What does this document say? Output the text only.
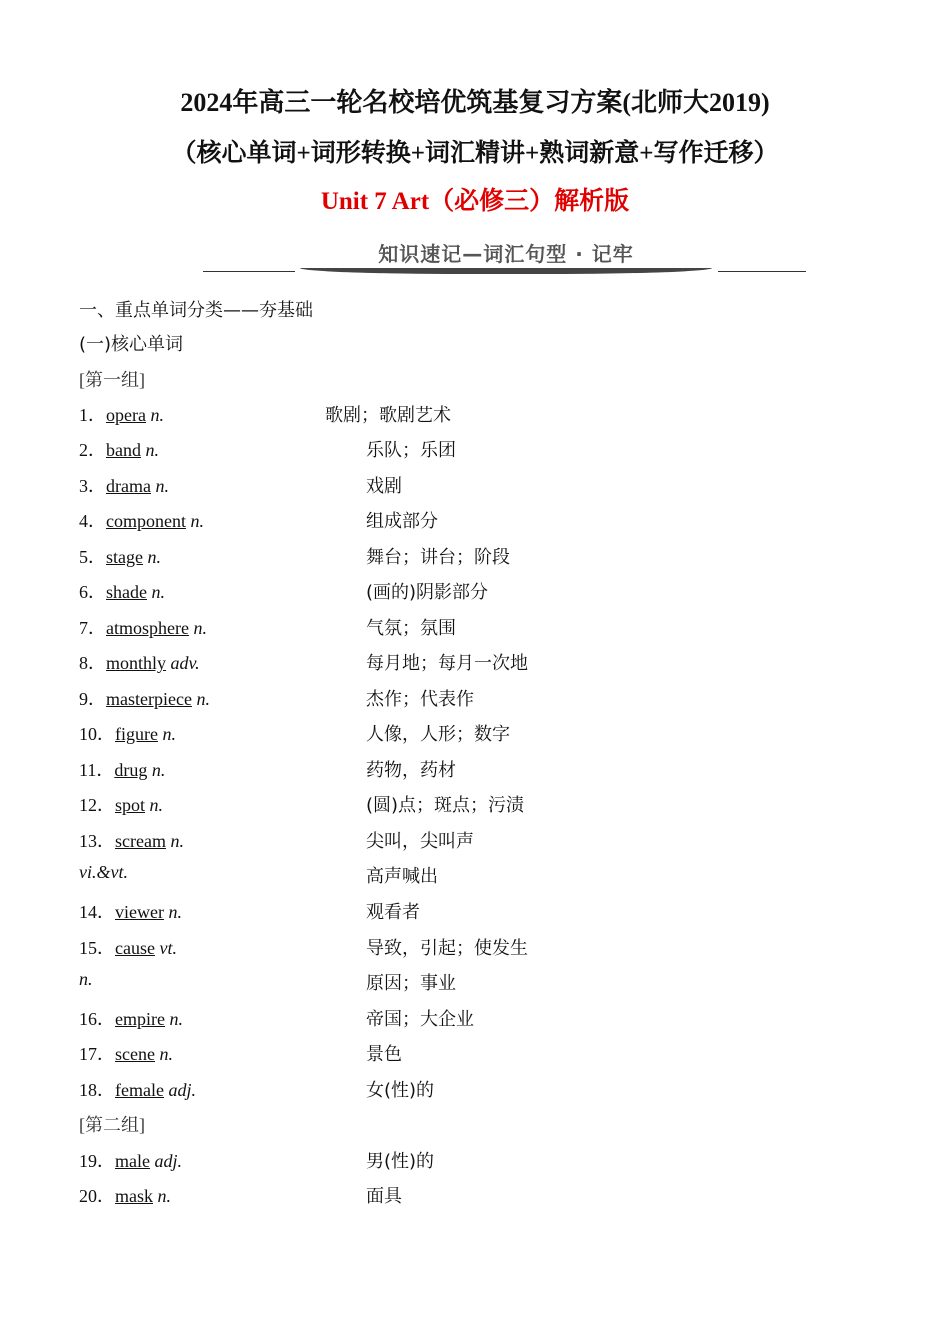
2024年高三一轮名校培优筑基复习方案(北师大2019)
（核心单词+词形转换+词汇精讲+熟词新意+写作迁移）
Unit 7 Art（必修三）解析版
知识速记—词汇句型 · 记牢
一、重点单词分类——夯基础
(一)核心单词
[第一组]
1．opera n.	歌剧；歌剧艺术
2．band n.	乐队；乐团
3．drama n.	戏剧
4．component n.	组成部分
5．stage n.	舞台；讲台；阶段
6．shade n.	(画的)阴影部分
7．atmosphere n.	气氛；氛围
8．monthly adv.	每月地；每月一次地
9．masterpiece n.	杰作；代表作
10．figure n.	人像，人形；数字
11．drug n.	药物，药材
12．spot n.	(圆)点；斑点；污渍
13．scream n.	尖叫，尖叫声
vi.&vt.	高声喊出
14．viewer n.	观看者
15．cause vt.	导致，引起；使发生
n.	原因；事业
16．empire n.	帝国；大企业
17．scene n.	景色
18．female adj.	女(性)的
[第二组]
19．male adj.	男(性)的
20．mask n.	面具
